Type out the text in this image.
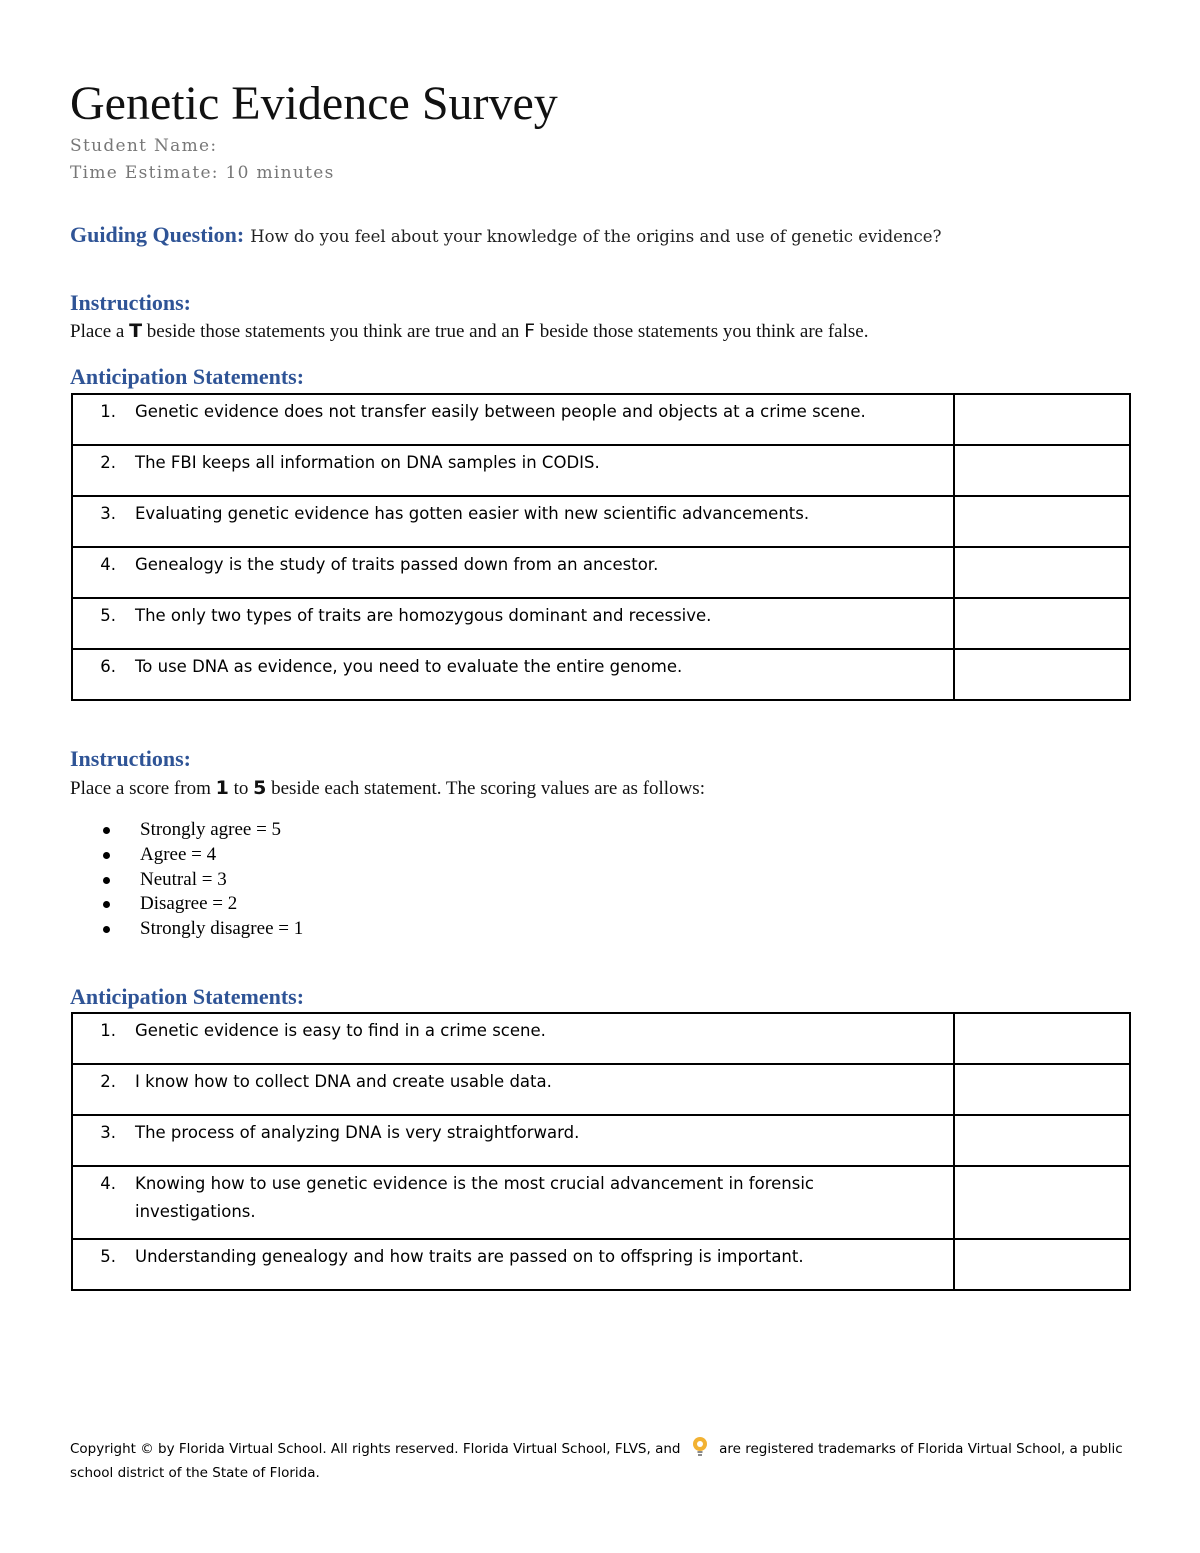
Genetic Evidence Survey
Student Name:
Time Estimate: 10 minutes
Guiding Question: How do you feel about your knowledge of the origins and use of genetic evidence?
Instructions:
Place a T beside those statements you think are true and an F beside those statements you think are false.
Anticipation Statements:
1. Genetic evidence does not transfer easily between people and objects at a crime scene.	

2. The FBI keeps all information on DNA samples in CODIS.	

3. Evaluating genetic evidence has gotten easier with new scientific advancements.	

4. Genealogy is the study of traits passed down from an ancestor.	

5. The only two types of traits are homozygous dominant and recessive.	

6. To use DNA as evidence, you need to evaluate the entire genome.	

Instructions:
Place a score from 1 to 5 beside each statement. The scoring values are as follows:
Strongly agree = 5
Agree = 4
Neutral = 3
Disagree = 2
Strongly disagree = 1
Anticipation Statements:
1. Genetic evidence is easy to find in a crime scene.	

2. I know how to collect DNA and create usable data.	

3. The process of analyzing DNA is very straightforward.	

4. Knowing how to use genetic evidence is the most crucial advancement in forensic investigations.	

5. Understanding genealogy and how traits are passed on to offspring is important.	

Copyright © by Florida Virtual School. All rights reserved. Florida Virtual School, FLVS, and  are registered trademarks of Florida Virtual School, a public school district of the State of Florida.
